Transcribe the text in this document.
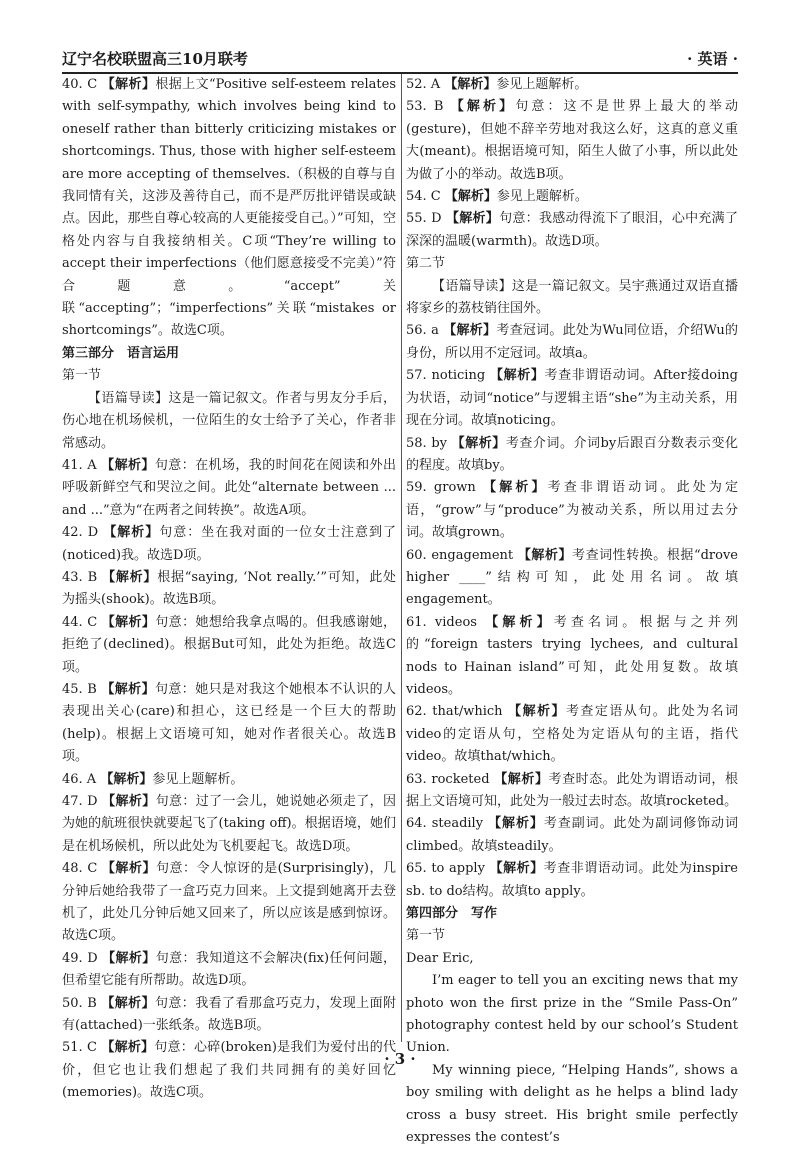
辽宁名校联盟高三10月联考	· 英语 ·

40. C 【解析】根据上文“Positive self-esteem relates with self-sympathy, which involves being kind to oneself rather than bitterly criticizing mistakes or shortcomings. Thus, those with higher self-esteem are more accepting of themselves.（积极的自尊与自我同情有关，这涉及善待自己，而不是严厉批评错误或缺点。因此，那些自尊心较高的人更能接受自己。）”可知，空格处内容与自我接纳相关。C项“They’re willing to accept their imperfections（他们愿意接受不完美）”符合题意。“accept”关联“accepting”；“imperfections”关联“mistakes or shortcomings”。故选C项。

第三部分　语言运用

第一节

【语篇导读】这是一篇记叙文。作者与男友分手后，伤心地在机场候机，一位陌生的女士给予了关心，作者非常感动。

41. A 【解析】句意：在机场，我的时间花在阅读和外出呼吸新鲜空气和哭泣之间。此处“alternate between ... and ...”意为“在两者之间转换”。故选A项。

42. D 【解析】句意：坐在我对面的一位女士注意到了(noticed)我。故选D项。

43. B 【解析】根据“saying, ‘Not really.’”可知，此处为摇头(shook)。故选B项。

44. C 【解析】句意：她想给我拿点喝的。但我感谢她，拒绝了(declined)。根据But可知，此处为拒绝。故选C项。

45. B 【解析】句意：她只是对我这个她根本不认识的人表现出关心(care)和担心，这已经是一个巨大的帮助(help)。根据上文语境可知，她对作者很关心。故选B项。

46. A 【解析】参见上题解析。

47. D 【解析】句意：过了一会儿，她说她必须走了，因为她的航班很快就要起飞了(taking off)。根据语境，她们是在机场候机，所以此处为飞机要起飞。故选D项。

48. C 【解析】句意：令人惊讶的是(Surprisingly)，几分钟后她给我带了一盒巧克力回来。上文提到她离开去登机了，此处几分钟后她又回来了，所以应该是感到惊讶。故选C项。

49. D 【解析】句意：我知道这不会解决(fix)任何问题，但希望它能有所帮助。故选D项。

50. B 【解析】句意：我看了看那盒巧克力，发现上面附有(attached)一张纸条。故选B项。

51. C 【解析】句意：心碎(broken)是我们为爱付出的代价，但它也让我们想起了我们共同拥有的美好回忆(memories)。故选C项。

52. A 【解析】参见上题解析。

53. B 【解析】句意：这不是世界上最大的举动(gesture)，但她不辞辛劳地对我这么好，这真的意义重大(meant)。根据语境可知，陌生人做了小事，所以此处为做了小的举动。故选B项。

54. C 【解析】参见上题解析。

55. D 【解析】句意：我感动得流下了眼泪，心中充满了深深的温暖(warmth)。故选D项。

第二节

【语篇导读】这是一篇记叙文。吴宇燕通过双语直播将家乡的荔枝销往国外。

56. a 【解析】考查冠词。此处为Wu同位语，介绍Wu的身份，所以用不定冠词。故填a。

57. noticing 【解析】考查非谓语动词。After接doing为状语，动词“notice”与逻辑主语“she”为主动关系，用现在分词。故填noticing。

58. by 【解析】考查介词。介词by后跟百分数表示变化的程度。故填by。

59. grown 【解析】考查非谓语动词。此处为定语，“grow”与“produce”为被动关系，所以用过去分词。故填grown。

60. engagement 【解析】考查词性转换。根据“drove higher ____”结构可知，此处用名词。故填engagement。

61. videos 【解析】考查名词。根据与之并列的“foreign tasters trying lychees, and cultural nods to Hainan island”可知，此处用复数。故填videos。

62. that/which 【解析】考查定语从句。此处为名词video的定语从句，空格处为定语从句的主语，指代video。故填that/which。

63. rocketed 【解析】考查时态。此处为谓语动词，根据上文语境可知，此处为一般过去时态。故填rocketed。

64. steadily 【解析】考查副词。此处为副词修饰动词climbed。故填steadily。

65. to apply 【解析】考查非谓语动词。此处为inspire sb. to do结构。故填to apply。

第四部分　写作

第一节

Dear Eric,

I’m eager to tell you an exciting news that my photo won the first prize in the “Smile Pass-On” photography contest held by our school’s Student Union.

My winning piece, “Helping Hands”, shows a boy smiling with delight as he helps a blind lady cross a busy street. His bright smile perfectly expresses the contest’s

· 3 ·
